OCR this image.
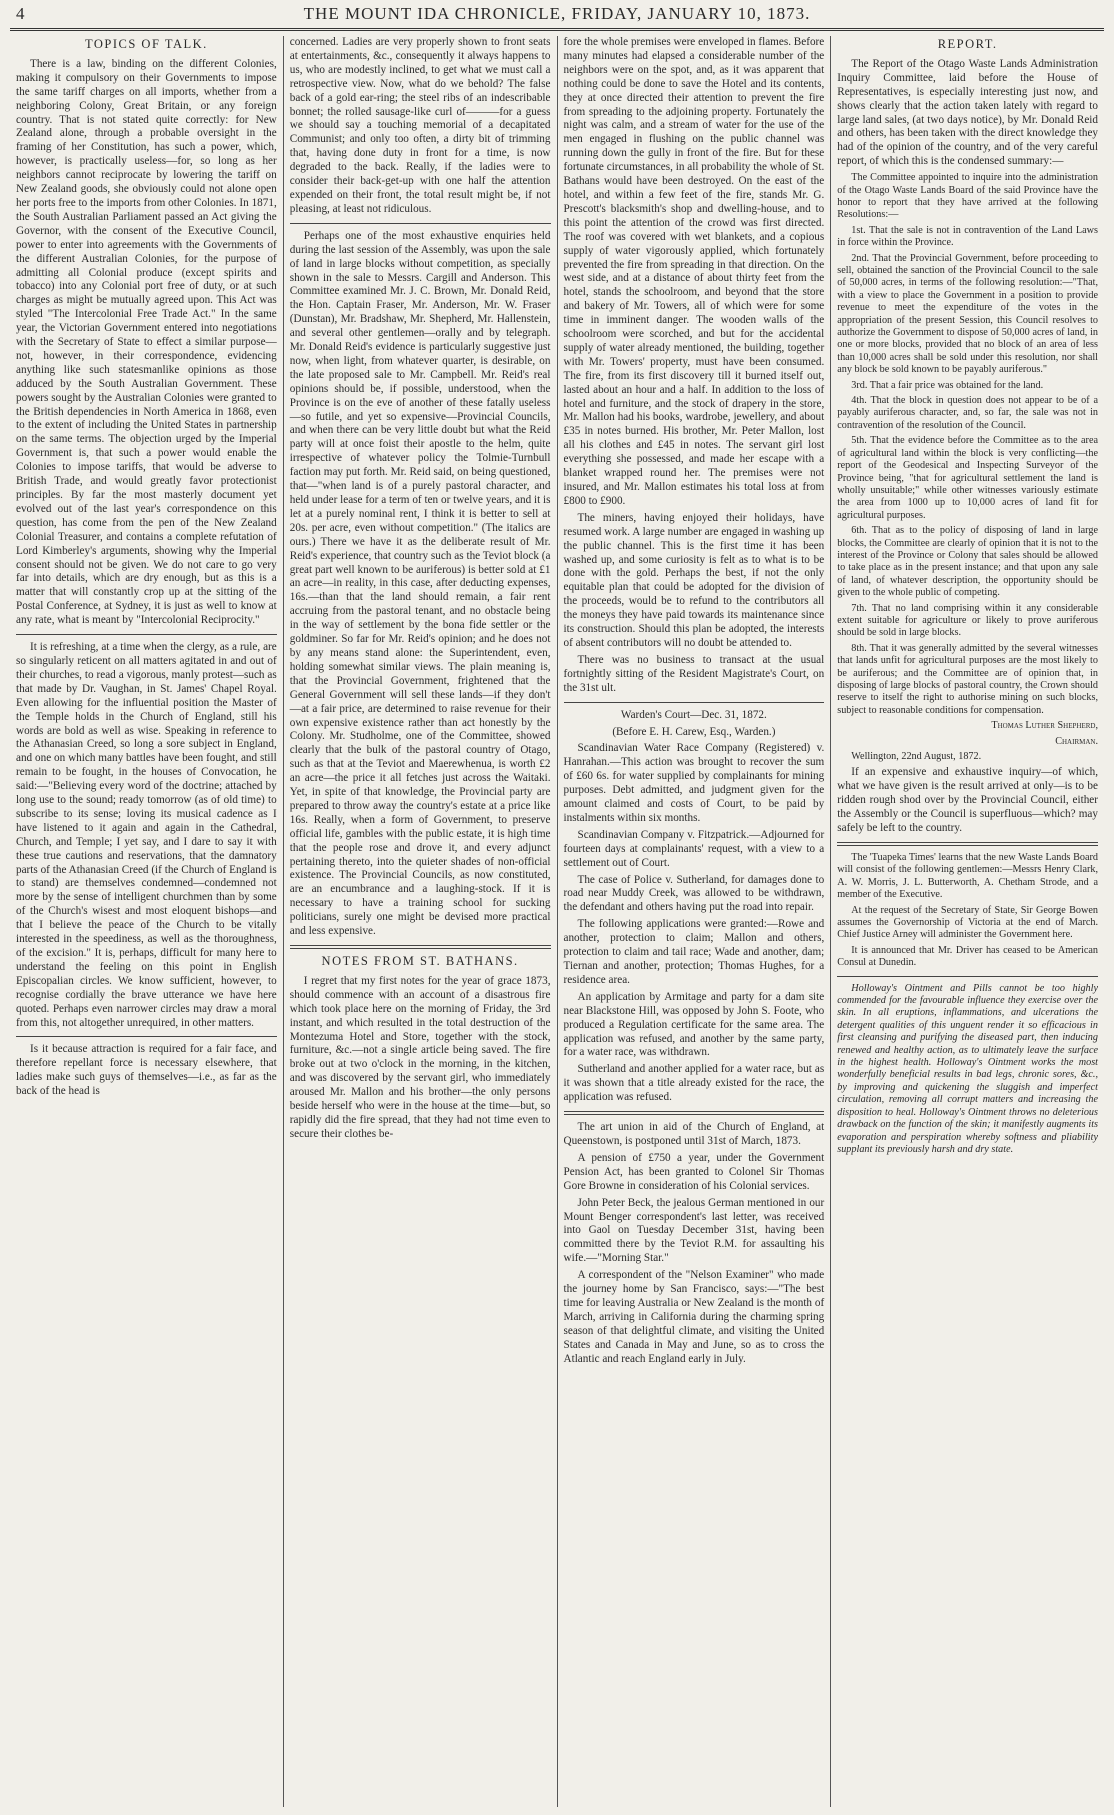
4	THE MOUNT IDA CHRONICLE, FRIDAY, JANUARY 10, 1873.
TOPICS OF TALK.

There is a law, binding on the different Colonies, making it compulsory on their Governments to impose the same tariff charges on all imports, whether from a neighboring Colony, Great Britain, or any foreign country. That is not stated quite correctly: for New Zealand alone, through a probable oversight in the framing of her Constitution, has such a power, which, however, is practically useless—for, so long as her neighbors cannot reciprocate by lowering the tariff on New Zealand goods, she obviously could not alone open her ports free to the imports from other Colonies. In 1871, the South Australian Parliament passed an Act giving the Governor, with the consent of the Executive Council, power to enter into agreements with the Governments of the different Australian Colonies, for the purpose of admitting all Colonial produce (except spirits and tobacco) into any Colonial port free of duty, or at such charges as might be mutually agreed upon. This Act was styled "The Intercolonial Free Trade Act." In the same year, the Victorian Government entered into negotiations with the Secretary of State to effect a similar purpose—not, however, in their correspondence, evidencing anything like such statesmanlike opinions as those adduced by the South Australian Government. These powers sought by the Australian Colonies were granted to the British dependencies in North America in 1868, even to the extent of including the United States in partnership on the same terms. The objection urged by the Imperial Government is, that such a power would enable the Colonies to impose tariffs, that would be adverse to British Trade, and would greatly favor protectionist principles. By far the most masterly document yet evolved out of the last year's correspondence on this question, has come from the pen of the New Zealand Colonial Treasurer, and contains a complete refutation of Lord Kimberley's arguments, showing why the Imperial consent should not be given. We do not care to go very far into details, which are dry enough, but as this is a matter that will constantly crop up at the sitting of the Postal Conference, at Sydney, it is just as well to know at any rate, what is meant by "Intercolonial Reciprocity."

It is refreshing, at a time when the clergy, as a rule, are so singularly reticent on all matters agitated in and out of their churches, to read a vigorous, manly protest—such as that made by Dr. Vaughan, in St. James' Chapel Royal. Even allowing for the influential position the Master of the Temple holds in the Church of England, still his words are bold as well as wise. Speaking in reference to the Athanasian Creed, so long a sore subject in England, and one on which many battles have been fought, and still remain to be fought, in the houses of Convocation, he said:—"Believing every word of the doctrine; attached by long use to the sound; ready tomorrow (as of old time) to subscribe to its sense; loving its musical cadence as I have listened to it again and again in the Cathedral, Church, and Temple; I yet say, and I dare to say it with these true cautions and reservations, that the damnatory parts of the Athanasian Creed (if the Church of England is to stand) are themselves condemned—condemned not more by the sense of intelligent churchmen than by some of the Church's wisest and most eloquent bishops—and that I believe the peace of the Church to be vitally interested in the speediness, as well as the thoroughness, of the excision." It is, perhaps, difficult for many here to understand the feeling on this point in English Episcopalian circles. We know sufficient, however, to recognise cordially the brave utterance we have here quoted. Perhaps even narrower circles may draw a moral from this, not altogether unrequired, in other matters.

Is it because attraction is required for a fair face, and therefore repellant force is necessary elsewhere, that ladies make such guys of themselves—i.e., as far as the back of the head is

concerned. Ladies are very properly shown to front seats at entertainments, &c., consequently it always happens to us, who are modestly inclined, to get what we must call a retrospective view. Now, what do we behold? The false back of a gold ear-ring; the steel ribs of an indescribable bonnet; the rolled sausage-like curl of———for a guess we should say a touching memorial of a decapitated Communist; and only too often, a dirty bit of trimming that, having done duty in front for a time, is now degraded to the back. Really, if the ladies were to consider their back-get-up with one half the attention expended on their front, the total result might be, if not pleasing, at least not ridiculous.

Perhaps one of the most exhaustive enquiries held during the last session of the Assembly, was upon the sale of land in large blocks without competition, as specially shown in the sale to Messrs. Cargill and Anderson. This Committee examined Mr. J. C. Brown, Mr. Donald Reid, the Hon. Captain Fraser, Mr. Anderson, Mr. W. Fraser (Dunstan), Mr. Bradshaw, Mr. Shepherd, Mr. Hallenstein, and several other gentlemen—orally and by telegraph. Mr. Donald Reid's evidence is particularly suggestive just now, when light, from whatever quarter, is desirable, on the late proposed sale to Mr. Campbell. Mr. Reid's real opinions should be, if possible, understood, when the Province is on the eve of another of these fatally useless—so futile, and yet so expensive—Provincial Councils, and when there can be very little doubt but what the Reid party will at once foist their apostle to the helm, quite irrespective of whatever policy the Tolmie-Turnbull faction may put forth. Mr. Reid said, on being questioned, that—"when land is of a purely pastoral character, and held under lease for a term of ten or twelve years, and it is let at a purely nominal rent, I think it is better to sell at 20s. per acre, even without competition." (The italics are ours.) There we have it as the deliberate result of Mr. Reid's experience, that country such as the Teviot block (a great part well known to be auriferous) is better sold at £1 an acre—in reality, in this case, after deducting expenses, 16s.—than that the land should remain, a fair rent accruing from the pastoral tenant, and no obstacle being in the way of settlement by the bona fide settler or the goldminer. So far for Mr. Reid's opinion; and he does not by any means stand alone: the Superintendent, even, holding somewhat similar views. The plain meaning is, that the Provincial Government, frightened that the General Government will sell these lands—if they don't—at a fair price, are determined to raise revenue for their own expensive existence rather than act honestly by the Colony. Mr. Studholme, one of the Committee, showed clearly that the bulk of the pastoral country of Otago, such as that at the Teviot and Maerewhenua, is worth £2 an acre—the price it all fetches just across the Waitaki. Yet, in spite of that knowledge, the Provincial party are prepared to throw away the country's estate at a price like 16s. Really, when a form of Government, to preserve official life, gambles with the public estate, it is high time that the people rose and drove it, and every adjunct pertaining thereto, into the quieter shades of non-official existence. The Provincial Councils, as now constituted, are an encumbrance and a laughing-stock. If it is necessary to have a training school for sucking politicians, surely one might be devised more practical and less expensive.

NOTES FROM ST. BATHANS.

I regret that my first notes for the year of grace 1873, should commence with an account of a disastrous fire which took place here on the morning of Friday, the 3rd instant, and which resulted in the total destruction of the Montezuma Hotel and Store, together with the stock, furniture, &c.—not a single article being saved. The fire broke out at two o'clock in the morning, in the kitchen, and was discovered by the servant girl, who immediately aroused Mr. Mallon and his brother—the only persons beside herself who were in the house at the time—but, so rapidly did the fire spread, that they had not time even to secure their clothes be-

fore the whole premises were enveloped in flames. Before many minutes had elapsed a considerable number of the neighbors were on the spot, and, as it was apparent that nothing could be done to save the Hotel and its contents, they at once directed their attention to prevent the fire from spreading to the adjoining property. Fortunately the night was calm, and a stream of water for the use of the men engaged in flushing on the public channel was running down the gully in front of the fire. But for these fortunate circumstances, in all probability the whole of St. Bathans would have been destroyed. On the east of the hotel, and within a few feet of the fire, stands Mr. G. Prescott's blacksmith's shop and dwelling-house, and to this point the attention of the crowd was first directed. The roof was covered with wet blankets, and a copious supply of water vigorously applied, which fortunately prevented the fire from spreading in that direction. On the west side, and at a distance of about thirty feet from the hotel, stands the schoolroom, and beyond that the store and bakery of Mr. Towers, all of which were for some time in imminent danger. The wooden walls of the schoolroom were scorched, and but for the accidental supply of water already mentioned, the building, together with Mr. Towers' property, must have been consumed. The fire, from its first discovery till it burned itself out, lasted about an hour and a half. In addition to the loss of hotel and furniture, and the stock of drapery in the store, Mr. Mallon had his books, wardrobe, jewellery, and about £35 in notes burned. His brother, Mr. Peter Mallon, lost all his clothes and £45 in notes. The servant girl lost everything she possessed, and made her escape with a blanket wrapped round her. The premises were not insured, and Mr. Mallon estimates his total loss at from £800 to £900.

The miners, having enjoyed their holidays, have resumed work. A large number are engaged in washing up the public channel. This is the first time it has been washed up, and some curiosity is felt as to what is to be done with the gold. Perhaps the best, if not the only equitable plan that could be adopted for the division of the proceeds, would be to refund to the contributors all the moneys they have paid towards its maintenance since its construction. Should this plan be adopted, the interests of absent contributors will no doubt be attended to.

There was no business to transact at the usual fortnightly sitting of the Resident Magistrate's Court, on the 31st ult.

Warden's Court—Dec. 31, 1872.

(Before E. H. Carew, Esq., Warden.)

Scandinavian Water Race Company (Registered) v. Hanrahan.—This action was brought to recover the sum of £60 6s. for water supplied by complainants for mining purposes. Debt admitted, and judgment given for the amount claimed and costs of Court, to be paid by instalments within six months.

Scandinavian Company v. Fitzpatrick.—Adjourned for fourteen days at complainants' request, with a view to a settlement out of Court.

The case of Police v. Sutherland, for damages done to road near Muddy Creek, was allowed to be withdrawn, the defendant and others having put the road into repair.

The following applications were granted:—Rowe and another, protection to claim; Mallon and others, protection to claim and tail race; Wade and another, dam; Tiernan and another, protection; Thomas Hughes, for a residence area.

An application by Armitage and party for a dam site near Blackstone Hill, was opposed by John S. Foote, who produced a Regulation certificate for the same area. The application was refused, and another by the same party, for a water race, was withdrawn.

Sutherland and another applied for a water race, but as it was shown that a title already existed for the race, the application was refused.

The art union in aid of the Church of England, at Queenstown, is postponed until 31st of March, 1873.

A pension of £750 a year, under the Government Pension Act, has been granted to Colonel Sir Thomas Gore Browne in consideration of his Colonial services.

John Peter Beck, the jealous German mentioned in our Mount Benger correspondent's last letter, was received into Gaol on Tuesday December 31st, having been committed there by the Teviot R.M. for assaulting his wife.—"Morning Star."

A correspondent of the "Nelson Examiner" who made the journey home by San Francisco, says:—"The best time for leaving Australia or New Zealand is the month of March, arriving in California during the charming spring season of that delightful climate, and visiting the United States and Canada in May and June, so as to cross the Atlantic and reach England early in July.

REPORT.

The Report of the Otago Waste Lands Administration Inquiry Committee, laid before the House of Representatives, is especially interesting just now, and shows clearly that the action taken lately with regard to large land sales, (at two days notice), by Mr. Donald Reid and others, has been taken with the direct knowledge they had of the opinion of the country, and of the very careful report, of which this is the condensed summary:—

The Committee appointed to inquire into the administration of the Otago Waste Lands Board of the said Province have the honor to report that they have arrived at the following Resolutions:—

1st. That the sale is not in contravention of the Land Laws in force within the Province.

2nd. That the Provincial Government, before proceeding to sell, obtained the sanction of the Provincial Council to the sale of 50,000 acres, in terms of the following resolution:—"That, with a view to place the Government in a position to provide revenue to meet the expenditure of the votes in the appropriation of the present Session, this Council resolves to authorize the Government to dispose of 50,000 acres of land, in one or more blocks, provided that no block of an area of less than 10,000 acres shall be sold under this resolution, nor shall any block be sold known to be payably auriferous."

3rd. That a fair price was obtained for the land.

4th. That the block in question does not appear to be of a payably auriferous character, and, so far, the sale was not in contravention of the resolution of the Council.

5th. That the evidence before the Committee as to the area of agricultural land within the block is very conflicting—the report of the Geodesical and Inspecting Surveyor of the Province being, "that for agricultural settlement the land is wholly unsuitable;" while other witnesses variously estimate the area from 1000 up to 10,000 acres of land fit for agricultural purposes.

6th. That as to the policy of disposing of land in large blocks, the Committee are clearly of opinion that it is not to the interest of the Province or Colony that sales should be allowed to take place as in the present instance; and that upon any sale of land, of whatever description, the opportunity should be given to the whole public of competing.

7th. That no land comprising within it any considerable extent suitable for agriculture or likely to prove auriferous should be sold in large blocks.

8th. That it was generally admitted by the several witnesses that lands unfit for agricultural purposes are the most likely to be auriferous; and the Committee are of opinion that, in disposing of large blocks of pastoral country, the Crown should reserve to itself the right to authorise mining on such blocks, subject to reasonable conditions for compensation.

Thomas Luther Shepherd,

Chairman.

Wellington, 22nd August, 1872.

If an expensive and exhaustive inquiry—of which, what we have given is the result arrived at only—is to be ridden rough shod over by the Provincial Council, either the Assembly or the Council is superfluous—which? may safely be left to the country.

The 'Tuapeka Times' learns that the new Waste Lands Board will consist of the following gentlemen:—Messrs Henry Clark, A. W. Morris, J. L. Butterworth, A. Chetham Strode, and a member of the Executive.

At the request of the Secretary of State, Sir George Bowen assumes the Governorship of Victoria at the end of March. Chief Justice Arney will administer the Government here.

It is announced that Mr. Driver has ceased to be American Consul at Dunedin.

Holloway's Ointment and Pills cannot be too highly commended for the favourable influence they exercise over the skin. In all eruptions, inflammations, and ulcerations the detergent qualities of this unguent render it so efficacious in first cleansing and purifying the diseased part, then inducing renewed and healthy action, as to ultimately leave the surface in the highest health. Holloway's Ointment works the most wonderfully beneficial results in bad legs, chronic sores, &c., by improving and quickening the sluggish and imperfect circulation, removing all corrupt matters and increasing the disposition to heal. Holloway's Ointment throws no deleterious drawback on the function of the skin; it manifestly augments its evaporation and perspiration whereby softness and pliability supplant its previously harsh and dry state.
